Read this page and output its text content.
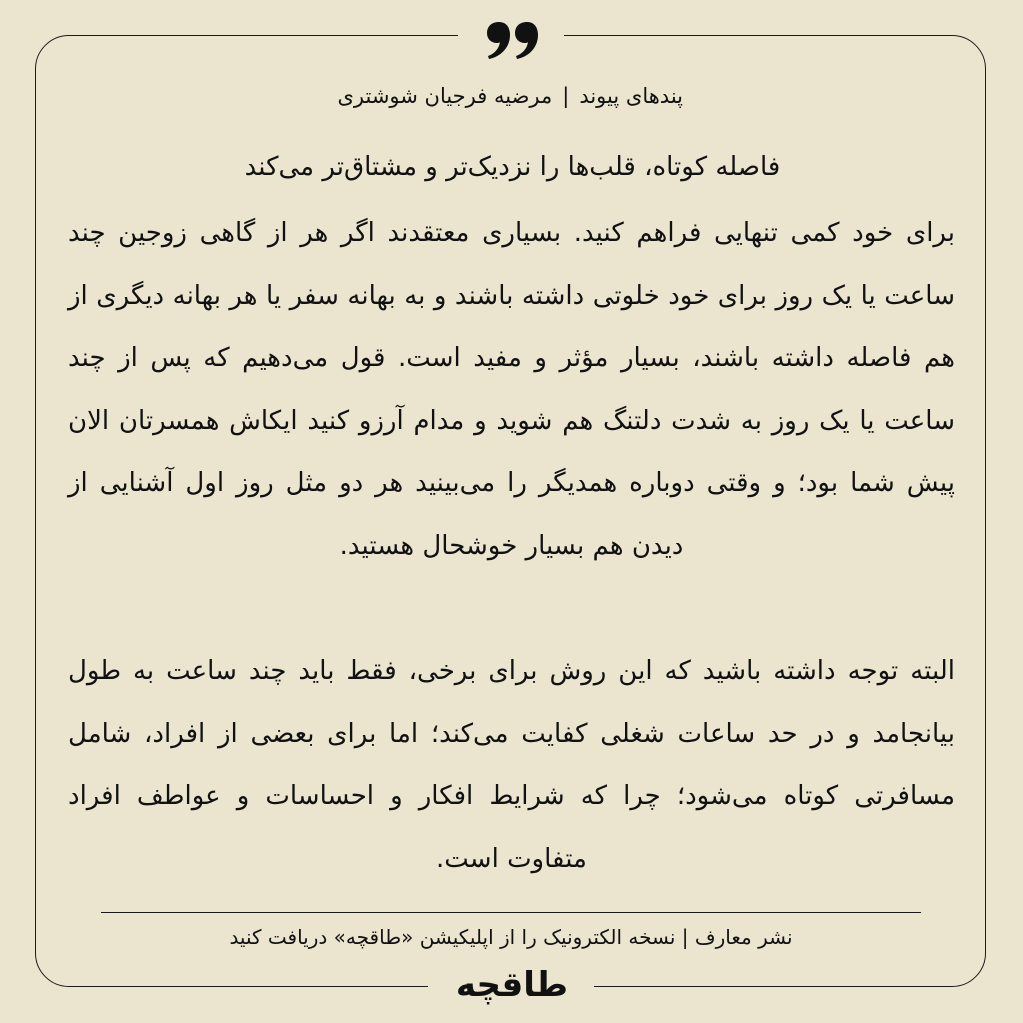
پندهای پیوند|مرضیه فرجیان شوشتری
فاصله کوتاه، قلب‌ها را نزدیک‌تر و مشتاق‌تر می‌کند
برای خود کمی تنهایی فراهم کنید. بسیاری معتقدند اگر هر از گاهی زوجین چند ساعت یا یک روز برای خود خلوتی داشته باشند و به بهانه سفر یا هر بهانه دیگری از هم فاصله داشته باشند، بسیار مؤثر و مفید است. قول می‌دهیم که پس از چند ساعت یا یک روز به شدت دلتنگ هم شوید و مدام آرزو کنید ایکاش همسرتان الان پیش شما بود؛ و وقتی دوباره همدیگر را می‌بینید هر دو مثل روز اول آشنایی از دیدن هم بسیار خوشحال هستید.
البته توجه داشته باشید که این روش برای برخی، فقط باید چند ساعت به طول بیانجامد و در حد ساعات شغلی کفایت می‌کند؛ اما برای بعضی از افراد، شامل مسافرتی کوتاه می‌شود؛ چرا که شرایط افکار و احساسات و عواطف افراد متفاوت است.
نشر معارف | نسخه الکترونیک را از اپلیکیشن «طاقچه» دریافت کنید
طاقچه
